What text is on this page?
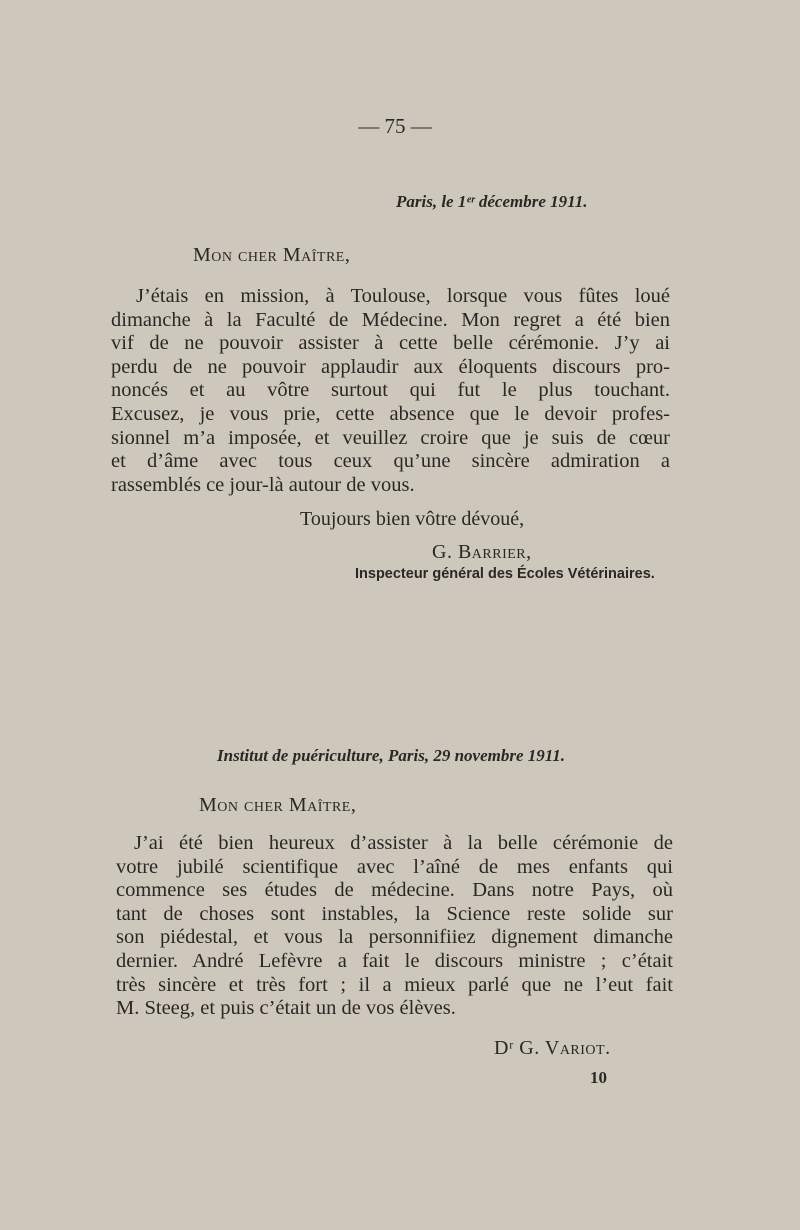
— 75 —
Paris, le 1ᵉʳ décembre 1911.
Mon cher Maître,
J’étais en mission, à Toulouse, lorsque vous fûtes loué
dimanche à la Faculté de Médecine. Mon regret a été bien
vif de ne pouvoir assister à cette belle cérémonie. J’y ai
perdu de ne pouvoir applaudir aux éloquents discours pro-
noncés et au vôtre surtout qui fut le plus touchant.
Excusez, je vous prie, cette absence que le devoir profes-
sionnel m’a imposée, et veuillez croire que je suis de cœur
et d’âme avec tous ceux qu’une sincère admiration a
rassemblés ce jour-là autour de vous.
Toujours bien vôtre dévoué,
G. Barrier,
Inspecteur général des Écoles Vétérinaires.
Institut de puériculture, Paris, 29 novembre 1911.
Mon cher Maître,
J’ai été bien heureux d’assister à la belle cérémonie de
votre jubilé scientifique avec l’aîné de mes enfants qui
commence ses études de médecine. Dans notre Pays, où
tant de choses sont instables, la Science reste solide sur
son piédestal, et vous la personnifiiez dignement dimanche
dernier. André Lefèvre a fait le discours ministre ; c’était
très sincère et très fort ; il a mieux parlé que ne l’eut fait
M. Steeg, et puis c’était un de vos élèves.
Dʳ G. Variot.
10
